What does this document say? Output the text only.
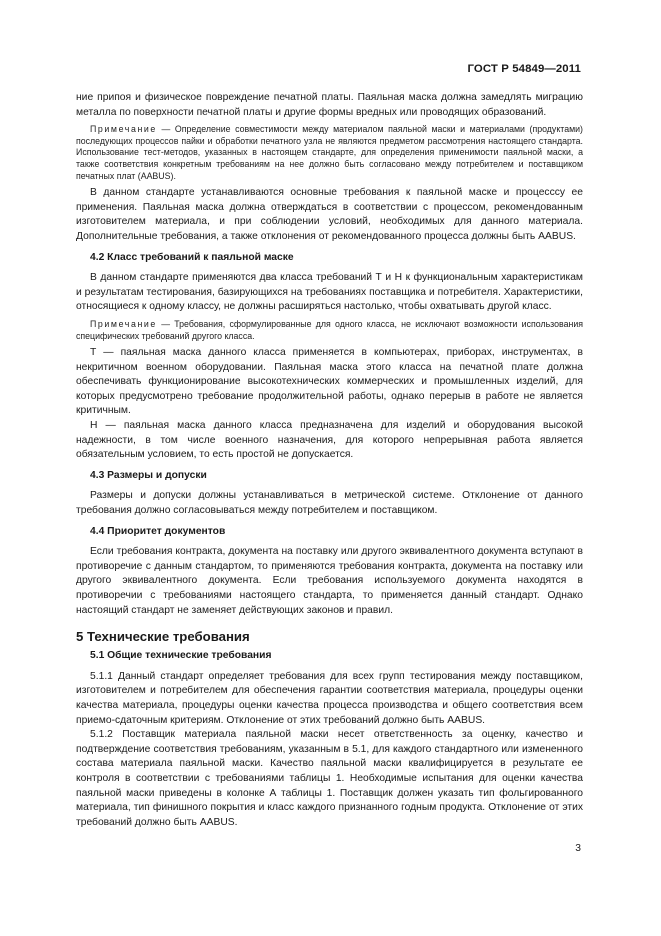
ГОСТ Р 54849—2011

ние припоя и физическое повреждение печатной платы. Паяльная маска должна замедлять миграцию металла по поверхности печатной платы и другие формы вредных или проводящих образований.

Примечание — Определение совместимости между материалом паяльной маски и материалами (продуктами) последующих процессов пайки и обработки печатного узла не являются предметом рассмотрения настоящего стандарта. Использование тест-методов, указанных в настоящем стандарте, для определения применимости паяльной маски, а также соответствия конкретным требованиям на нее должно быть согласовано между потребителем и поставщиком печатных плат (AABUS).

В данном стандарте устанавливаются основные требования к паяльной маске и процесссу ее применения. Паяльная маска должна отверждаться в соответствии с процессом, рекомендованным изготовителем материала, и при соблюдении условий, необходимых для данного материала. Дополнительные требования, а также отклонения от рекомендованного процесса должны быть AABUS.

4.2 Класс требований к паяльной маске

В данном стандарте применяются два класса требований Т и Н к функциональным характеристикам и результатам тестирования, базирующихся на требованиях поставщика и потребителя. Характеристики, относящиеся к одному классу, не должны расширяться настолько, чтобы охватывать другой класс.

Примечание — Требования, сформулированные для одного класса, не исключают возможности использования специфических требований другого класса.

Т — паяльная маска данного класса применяется в компьютерах, приборах, инструментах, в некритичном военном оборудовании. Паяльная маска этого класса на печатной плате должна обеспечивать функционирование высокотехнических коммерческих и промышленных изделий, для которых предусмотрено требование продолжительной работы, однако перерыв в работе не является критичным.

Н — паяльная маска данного класса предназначена для изделий и оборудования высокой надежности, в том числе военного назначения, для которого непрерывная работа является обязательным условием, то есть простой не допускается.

4.3 Размеры и допуски

Размеры и допуски должны устанавливаться в метрической системе. Отклонение от данного требования должно согласовываться между потребителем и поставщиком.

4.4 Приоритет документов

Если требования контракта, документа на поставку или другого эквивалентного документа вступают в противоречие с данным стандартом, то применяются требования контракта, документа на поставку или другого эквивалентного документа. Если требования используемого документа находятся в противоречии с требованиями настоящего стандарта, то применяется данный стандарт. Однако настоящий стандарт не заменяет действующих законов и правил.

5 Технические требования
5.1 Общие технические требования

5.1.1 Данный стандарт определяет требования для всех групп тестирования между поставщиком, изготовителем и потребителем для обеспечения гарантии соответствия материала, процедуры оценки качества материала, процедуры оценки качества процесса производства и общего соответствия всем приемо-сдаточным критериям. Отклонение от этих требований должно быть AABUS.

5.1.2 Поставщик материала паяльной маски несет ответственность за оценку, качество и подтверждение соответствия требованиям, указанным в 5.1, для каждого стандартного или измененного состава материала паяльной маски. Качество паяльной маски квалифицируется в результате ее контроля в соответствии с требованиями таблицы 1. Необходимые испытания для оценки качества паяльной маски приведены в колонке А таблицы 1. Поставщик должен указать тип фольгированного материала, тип финишного покрытия и класс каждого признанного годным продукта. Отклонение от этих требований должно быть AABUS.

3
